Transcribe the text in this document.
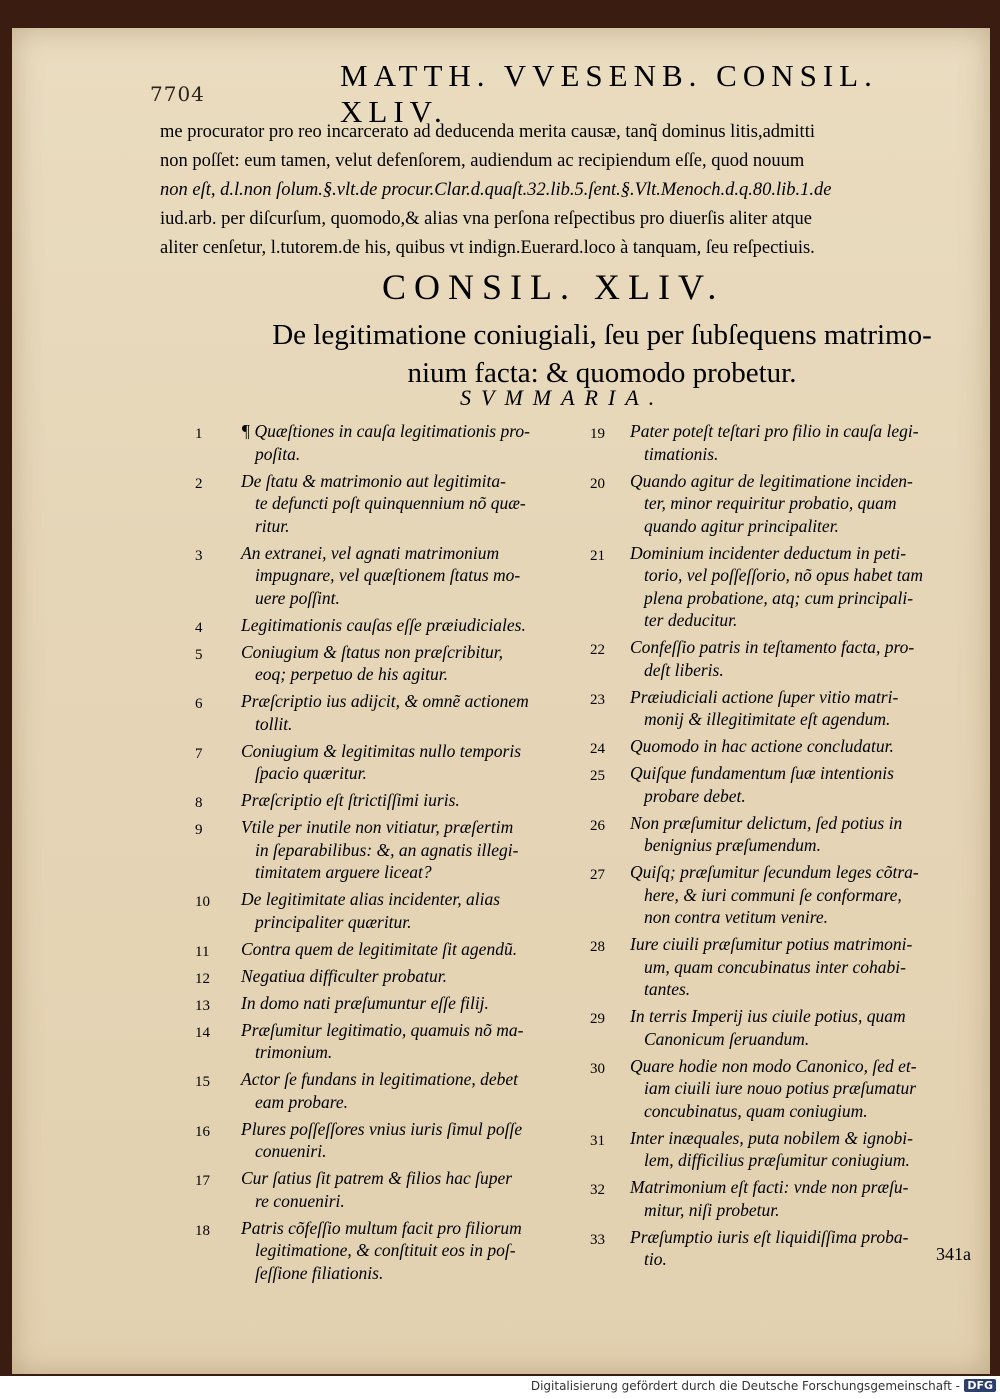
7704
MATTH. VVESENB. CONSIL. XLIV.
me procurator pro reo incarcerato ad deducenda merita causæ, tanq̃ dominus litis,admitti
non poſſet: eum tamen, velut defenſorem, audiendum ac recipiendum eſſe, quod nouum
non eſt, d.l.non ſolum.§.vlt.de procur.Clar.d.quaſt.32.lib.5.ſent.§.Vlt.Menoch.d.q.80.lib.1.de
iud.arb. per diſcurſum, quomodo,& alias vna perſona reſpectibus pro diuerſis aliter atque
aliter cenſetur, l.tutorem.de his, quibus vt indign.Euerard.loco à tanquam, ſeu reſpectiuis.
CONSIL. XLIV.
De legitimatione coniugiali, ſeu per ſubſequens matrimo-
nium facta: & quomodo probetur.
SVMMARIA.
1	¶ Quæſtiones in cauſa legitimationis pro-
poſita.
2	De ſtatu & matrimonio aut legitimita-
te defuncti poſt quinquennium nõ quæ-
ritur.
3	An extranei, vel agnati matrimonium
impugnare, vel quæſtionem ſtatus mo-
uere poſſint.
4	Legitimationis cauſas eſſe præiudiciales.
5	Coniugium & ſtatus non præſcribitur,
eoq; perpetuo de his agitur.
6	Præſcriptio ius adijcit, & omnẽ actionem
tollit.
7	Coniugium & legitimitas nullo temporis
ſpacio quæritur.
8	Præſcriptio eſt ſtrictiſſimi iuris.
9	Vtile per inutile non vitiatur, præſertim
in ſeparabilibus: &, an agnatis illegi-
timitatem arguere liceat?
10	De legitimitate alias incidenter, alias
principaliter quæritur.
11	Contra quem de legitimitate ſit agendũ.
12	Negatiua difficulter probatur.
13	In domo nati præſumuntur eſſe filij.
14	Præſumitur legitimatio, quamuis nõ ma-
trimonium.
15	Actor ſe fundans in legitimatione, debet
eam probare.
16	Plures poſſeſſores vnius iuris ſimul poſſe
conueniri.
17	Cur ſatius ſit patrem & filios hac ſuper
re conueniri.
18	Patris cõfeſſio multum facit pro filiorum
legitimatione, & conſtituit eos in poſ-
ſeſſione filiationis.
19	Pater poteſt teſtari pro filio in cauſa legi-
timationis.
20	Quando agitur de legitimatione inciden-
ter, minor requiritur probatio, quam
quando agitur principaliter.
21	Dominium incidenter deductum in peti-
torio, vel poſſeſſorio, nõ opus habet tam
plena probatione, atq; cum principali-
ter deducitur.
22	Confeſſio patris in teſtamento facta, pro-
deſt liberis.
23	Præiudiciali actione ſuper vitio matri-
monij & illegitimitate eſt agendum.
24	Quomodo in hac actione concludatur.
25	Quiſque fundamentum ſuæ intentionis
probare debet.
26	Non præſumitur delictum, ſed potius in
benignius præſumendum.
27	Quiſq; præſumitur ſecundum leges cõtra-
here, & iuri communi ſe conformare,
non contra vetitum venire.
28	Iure ciuili præſumitur potius matrimoni-
um, quam concubinatus inter cohabi-
tantes.
29	In terris Imperij ius ciuile potius, quam
Canonicum ſeruandum.
30	Quare hodie non modo Canonico, ſed et-
iam ciuili iure nouo potius præſumatur
concubinatus, quam coniugium.
31	Inter inæquales, puta nobilem & ignobi-
lem, difficilius præſumitur coniugium.
32	Matrimonium eſt facti: vnde non præſu-
mitur, niſi probetur.
33	Præſumptio iuris eſt liquidiſſima proba-
tio.	341a
Digitalisierung gefördert durch die Deutsche Forschungsgemeinschaft - DFG
